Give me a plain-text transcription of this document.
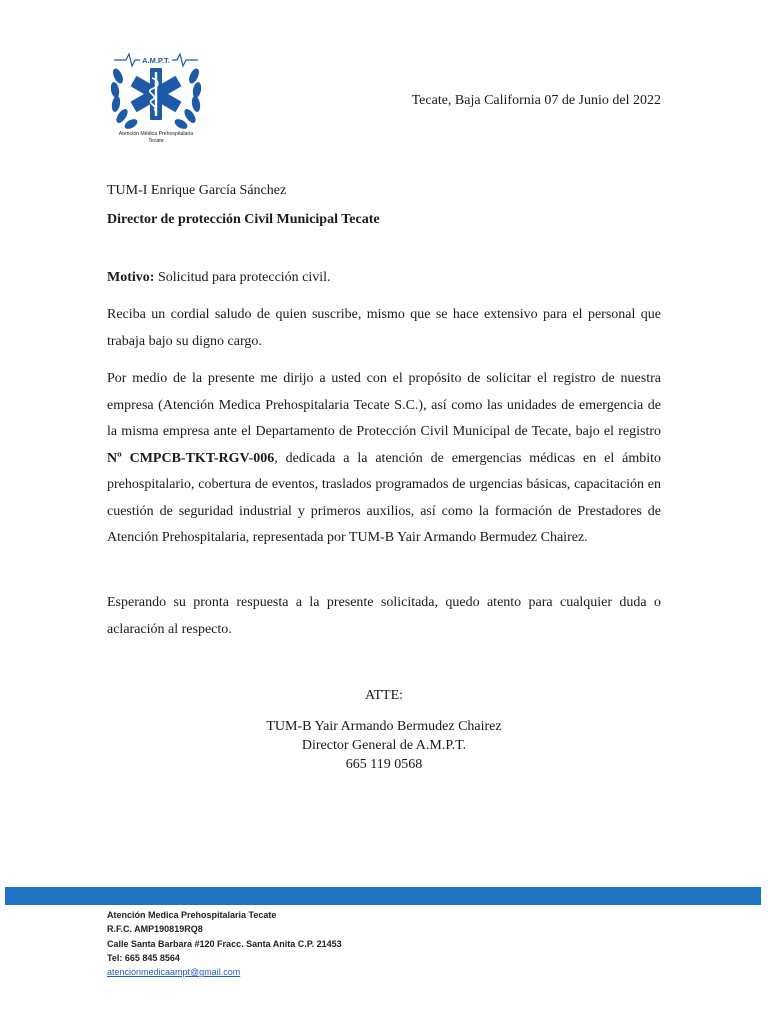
A.M.P.T.
Atención Médica Prehospitalaria
Tecate
Tecate, Baja California 07 de Junio del 2022
TUM-I Enrique García Sánchez
Director de protección Civil Municipal Tecate
Motivo: Solicitud para protección civil.
Reciba un cordial saludo de quien suscribe, mismo que se hace extensivo para el personal que trabaja bajo su digno cargo.
Por medio de la presente me dirijo a usted con el propósito de solicitar el registro de nuestra empresa (Atención Medica Prehospitalaria Tecate S.C.), así como las unidades de emergencia de la misma empresa ante el Departamento de Protección Civil Municipal de Tecate, bajo el registro Nº CMPCB-TKT-RGV-006, dedicada a la atención de emergencias médicas en el ámbito prehospitalario, cobertura de eventos, traslados programados de urgencias básicas, capacitación en cuestión de seguridad industrial y primeros auxilios, así como la formación de Prestadores de Atención Prehospitalaria, representada por TUM-B Yair Armando Bermudez Chairez.
Esperando su pronta respuesta a la presente solicitada, quedo atento para cualquier duda o aclaración al respecto.
ATTE:
TUM-B Yair Armando Bermudez Chairez
Director General de A.M.P.T.
665 119 0568
Atención Medica Prehospitalaria Tecate
R.F.C. AMP190819RQ8
Calle Santa Barbara #120 Fracc. Santa Anita C.P. 21453
Tel: 665 845 8564
atencionmedicaampt@gmail.com
